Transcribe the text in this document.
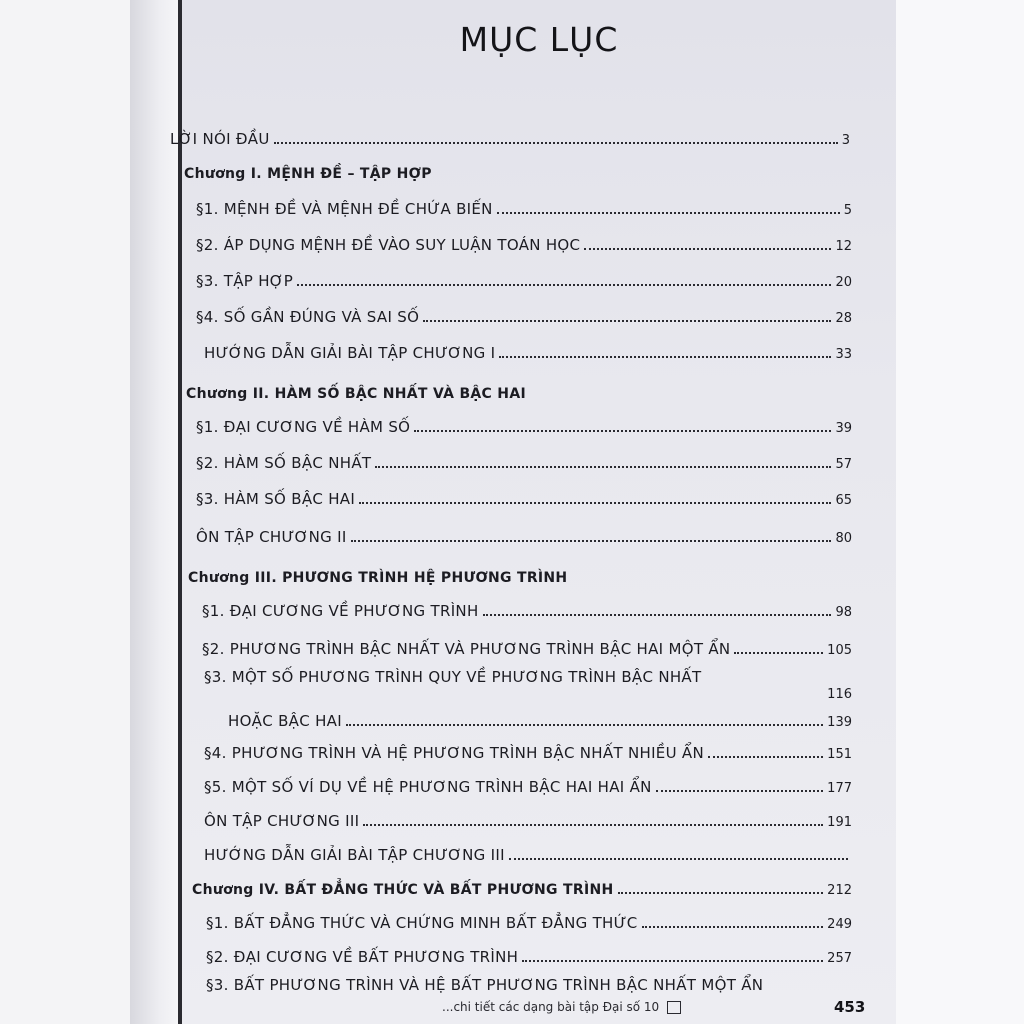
MỤC LỤC
LỜI NÓI ĐẦU	3
Chương I. MỆNH ĐỀ – TẬP HỢP
§1. MỆNH ĐỀ VÀ MỆNH ĐỀ CHỨA BIẾN	5
§2. ÁP DỤNG MỆNH ĐỀ VÀO SUY LUẬN TOÁN HỌC	12
§3. TẬP HỢP	20
§4. SỐ GẦN ĐÚNG VÀ SAI SỐ	28
HƯỚNG DẪN GIẢI BÀI TẬP CHƯƠNG I	33
Chương II. HÀM SỐ BẬC NHẤT VÀ BẬC HAI
§1. ĐẠI CƯƠNG VỀ HÀM SỐ	39
§2. HÀM SỐ BẬC NHẤT	57
§3. HÀM SỐ BẬC HAI	65
ÔN TẬP CHƯƠNG II	80
Chương III. PHƯƠNG TRÌNH HỆ PHƯƠNG TRÌNH
§1. ĐẠI CƯƠNG VỀ PHƯƠNG TRÌNH	98
§2. PHƯƠNG TRÌNH BẬC NHẤT VÀ PHƯƠNG TRÌNH BẬC HAI MỘT ẨN	105
§3. MỘT SỐ PHƯƠNG TRÌNH QUY VỀ PHƯƠNG TRÌNH BẬC NHẤT
116
HOẶC BẬC HAI	139
§4. PHƯƠNG TRÌNH VÀ HỆ PHƯƠNG TRÌNH BẬC NHẤT NHIỀU ẨN	151
§5. MỘT SỐ VÍ DỤ VỀ HỆ PHƯƠNG TRÌNH BẬC HAI HAI ẨN	177
ÔN TẬP CHƯƠNG III	191
HƯỚNG DẪN GIẢI BÀI TẬP CHƯƠNG III
Chương IV. BẤT ĐẲNG THỨC VÀ BẤT PHƯƠNG TRÌNH	212
§1. BẤT ĐẲNG THỨC VÀ CHỨNG MINH BẤT ĐẲNG THỨC	249
§2. ĐẠI CƯƠNG VỀ BẤT PHƯƠNG TRÌNH	257
§3. BẤT PHƯƠNG TRÌNH VÀ HỆ BẤT PHƯƠNG TRÌNH BẬC NHẤT MỘT ẨN
...chi tiết các dạng bài tập Đại số 10	453
